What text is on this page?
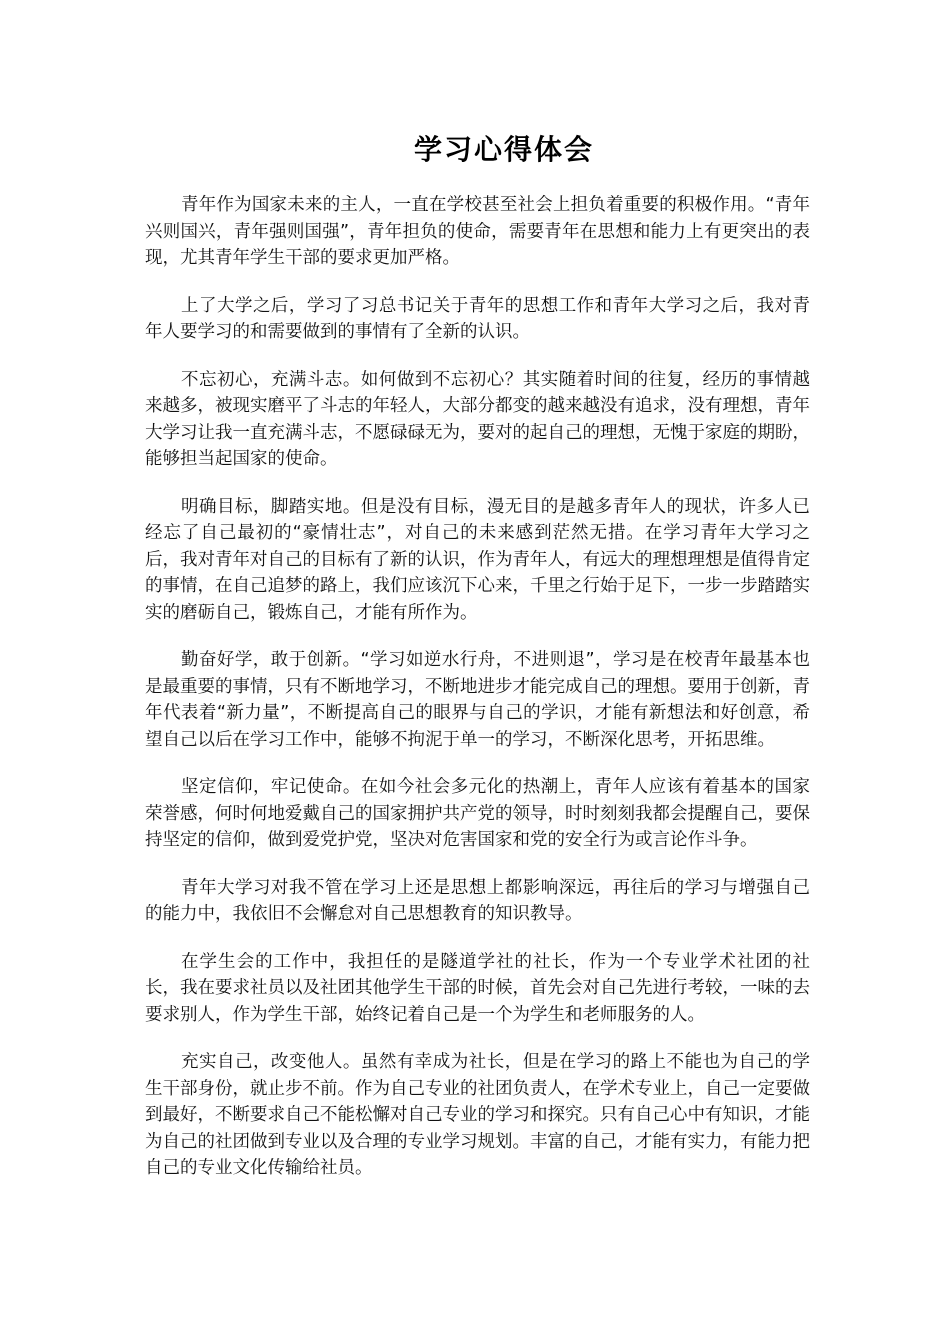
学习心得体会

青年作为国家未来的主人，一直在学校甚至社会上担负着重要的积极作用。“青年兴则国兴，青年强则国强”，青年担负的使命，需要青年在思想和能力上有更突出的表现，尤其青年学生干部的要求更加严格。

上了大学之后，学习了习总书记关于青年的思想工作和青年大学习之后，我对青年人要学习的和需要做到的事情有了全新的认识。

不忘初心，充满斗志。如何做到不忘初心？其实随着时间的往复，经历的事情越来越多，被现实磨平了斗志的年轻人，大部分都变的越来越没有追求，没有理想，青年大学习让我一直充满斗志，不愿碌碌无为，要对的起自己的理想，无愧于家庭的期盼，能够担当起国家的使命。

明确目标，脚踏实地。但是没有目标，漫无目的是越多青年人的现状，许多人已经忘了自己最初的“豪情壮志”，对自己的未来感到茫然无措。在学习青年大学习之后，我对青年对自己的目标有了新的认识，作为青年人，有远大的理想理想是值得肯定的事情，在自己追梦的路上，我们应该沉下心来，千里之行始于足下，一步一步踏踏实实的磨砺自己，锻炼自己，才能有所作为。

勤奋好学，敢于创新。“学习如逆水行舟，不进则退”，学习是在校青年最基本也是最重要的事情，只有不断地学习，不断地进步才能完成自己的理想。要用于创新，青年代表着“新力量”，不断提高自己的眼界与自己的学识，才能有新想法和好创意，希望自己以后在学习工作中，能够不拘泥于单一的学习，不断深化思考，开拓思维。

坚定信仰，牢记使命。在如今社会多元化的热潮上，青年人应该有着基本的国家荣誉感，何时何地爱戴自己的国家拥护共产党的领导，时时刻刻我都会提醒自己，要保持坚定的信仰，做到爱党护党，坚决对危害国家和党的安全行为或言论作斗争。

青年大学习对我不管在学习上还是思想上都影响深远，再往后的学习与增强自己的能力中，我依旧不会懈怠对自己思想教育的知识教导。

在学生会的工作中，我担任的是隧道学社的社长，作为一个专业学术社团的社长，我在要求社员以及社团其他学生干部的时候，首先会对自己先进行考较，一味的去要求别人，作为学生干部，始终记着自己是一个为学生和老师服务的人。

充实自己，改变他人。虽然有幸成为社长，但是在学习的路上不能也为自己的学生干部身份，就止步不前。作为自己专业的社团负责人，在学术专业上，自己一定要做到最好，不断要求自己不能松懈对自己专业的学习和探究。只有自己心中有知识，才能为自己的社团做到专业以及合理的专业学习规划。丰富的自己，才能有实力，有能力把自己的专业文化传输给社员。
